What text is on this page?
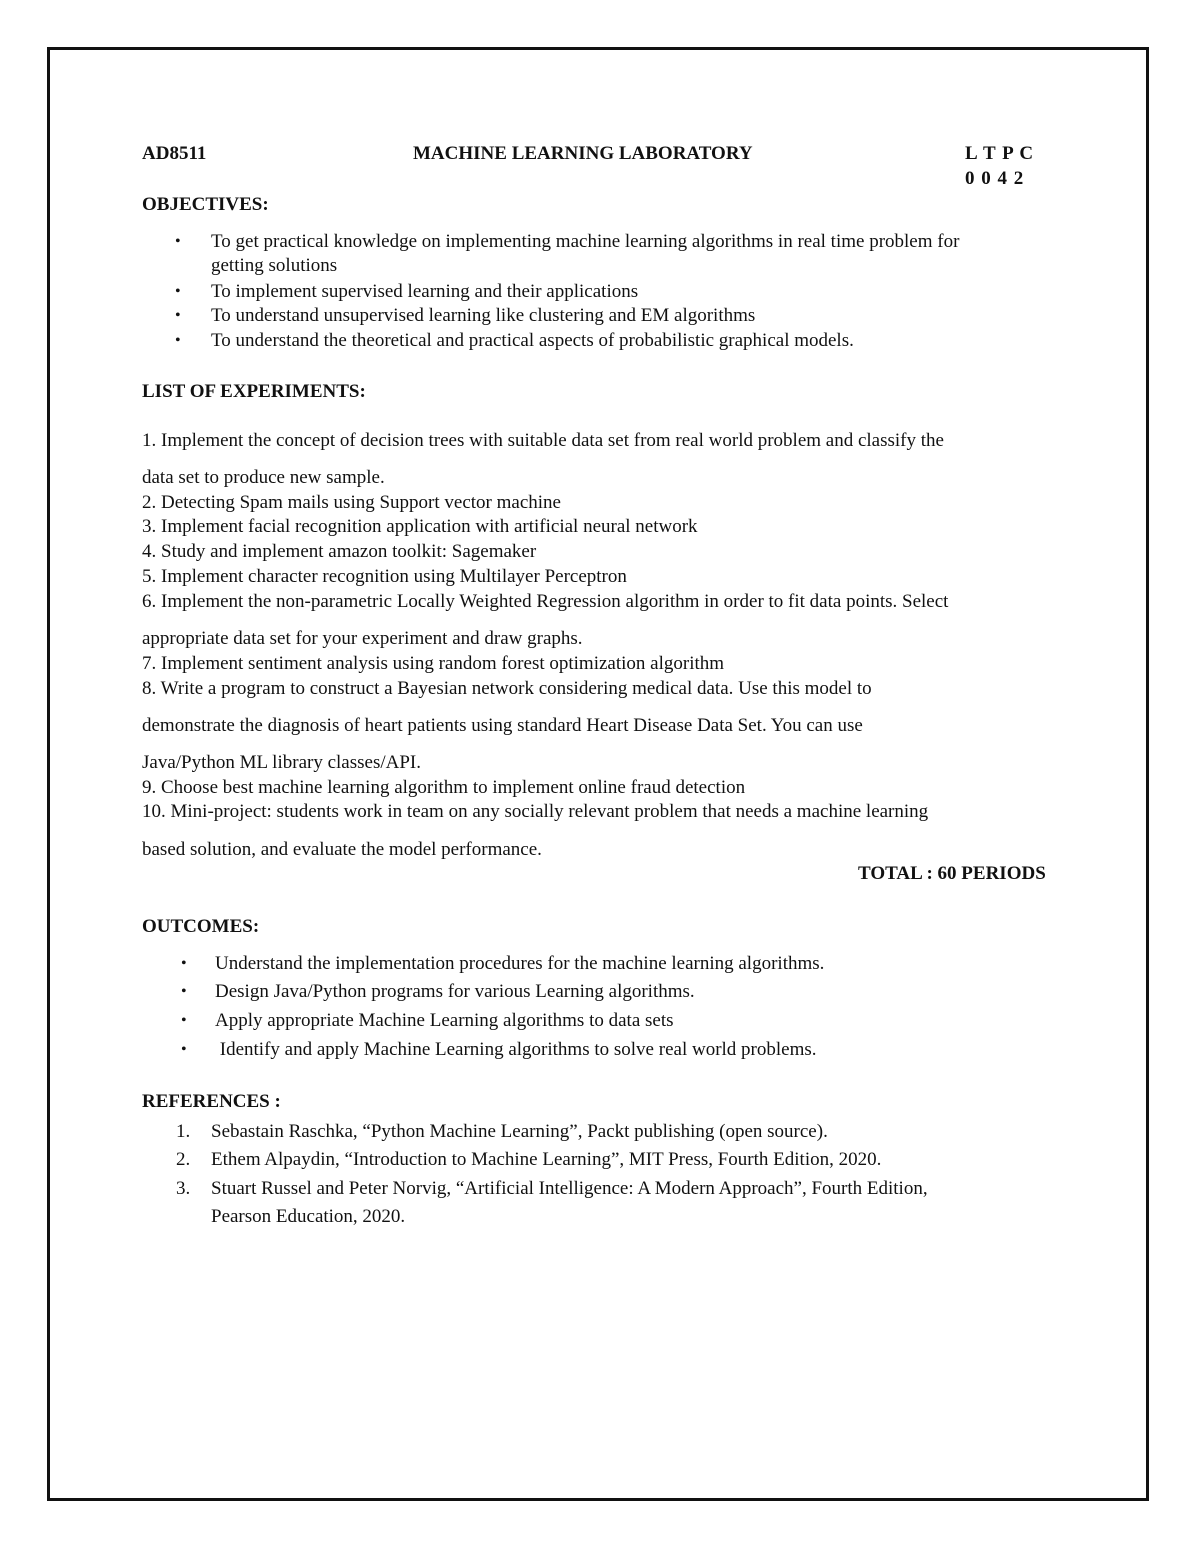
AD8511	MACHINE LEARNING LABORATORY	L T P C
0 0 4 2
OBJECTIVES:
• To get practical knowledge on implementing machine learning algorithms in real time problem for
getting solutions
• To implement supervised learning and their applications
• To understand unsupervised learning like clustering and EM algorithms
• To understand the theoretical and practical aspects of probabilistic graphical models.
LIST OF EXPERIMENTS:
1. Implement the concept of decision trees with suitable data set from real world problem and classify the
data set to produce new sample.
2. Detecting Spam mails using Support vector machine
3. Implement facial recognition application with artificial neural network
4. Study and implement amazon toolkit: Sagemaker
5. Implement character recognition using Multilayer Perceptron
6. Implement the non-parametric Locally Weighted Regression algorithm in order to fit data points. Select
appropriate data set for your experiment and draw graphs.
7. Implement sentiment analysis using random forest optimization algorithm
8. Write a program to construct a Bayesian network considering medical data. Use this model to
demonstrate the diagnosis of heart patients using standard Heart Disease Data Set. You can use
Java/Python ML library classes/API.
9. Choose best machine learning algorithm to implement online fraud detection
10. Mini-project: students work in team on any socially relevant problem that needs a machine learning
based solution, and evaluate the model performance.
TOTAL : 60 PERIODS
OUTCOMES:
• Understand the implementation procedures for the machine learning algorithms.
• Design Java/Python programs for various Learning algorithms.
• Apply appropriate Machine Learning algorithms to data sets
• Identify and apply Machine Learning algorithms to solve real world problems.
REFERENCES :
1. Sebastain Raschka, “Python Machine Learning”, Packt publishing (open source).
2. Ethem Alpaydin, “Introduction to Machine Learning”, MIT Press, Fourth Edition, 2020.
3. Stuart Russel and Peter Norvig, “Artificial Intelligence: A Modern Approach”, Fourth Edition,
Pearson Education, 2020.
